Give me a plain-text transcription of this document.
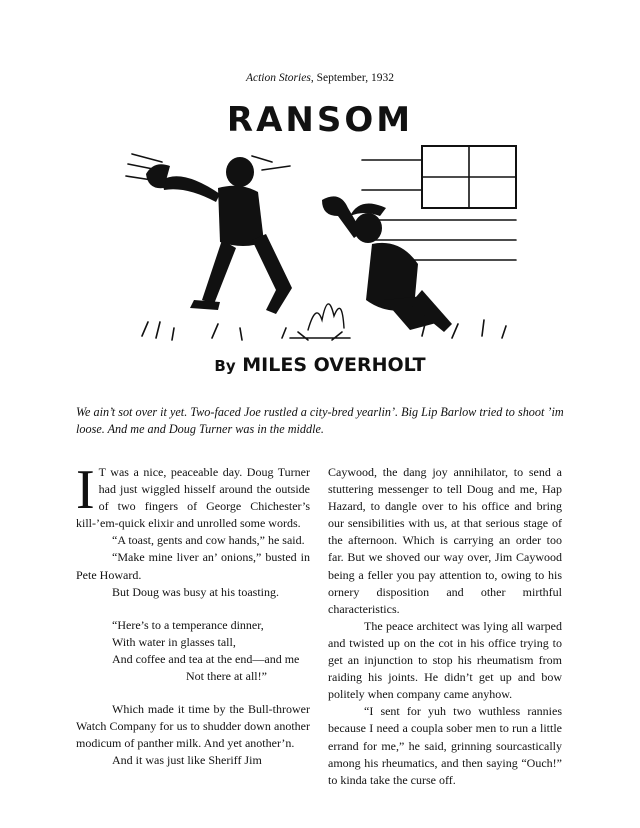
Action Stories, September, 1932
RANSOM
By MILES OVERHOLT
We ain’t sot over it yet. Two-faced Joe rustled a city-bred yearlin’. Big Lip Barlow tried to shoot ’im loose. And me and Doug Turner was in the middle.

I T was a nice, peaceable day. Doug Turner had just wiggled hisself around the outside of two fingers of George Chichester’s kill-’em-quick elixir and unrolled some words.

“A toast, gents and cow hands,” he said.

“Make mine liver an’ onions,” busted in Pete Howard.

But Doug was busy at his toasting.

“Here’s to a temperance dinner,
With water in glasses tall,
And coffee and tea at the end—and me
Not there at all!”

Which made it time by the Bull-thrower Watch Company for us to shudder down another modicum of panther milk. And yet another’n.

And it was just like Sheriff Jim

Caywood, the dang joy annihilator, to send a stuttering messenger to tell Doug and me, Hap Hazard, to dangle over to his office and bring our sensibilities with us, at that serious stage of the afternoon. Which is carrying an order too far. But we shoved our way over, Jim Caywood being a feller you pay attention to, owing to his ornery disposition and other mirthful characteristics.

The peace architect was lying all warped and twisted up on the cot in his office trying to get an injunction to stop his rheumatism from raiding his joints. He didn’t get up and bow politely when company came anyhow.

“I sent for yuh two wuthless rannies because I need a coupla sober men to run a little errand for me,” he said, grinning sourcastically among his rheumatics, and then saying “Ouch!” to kinda take the curse off.
